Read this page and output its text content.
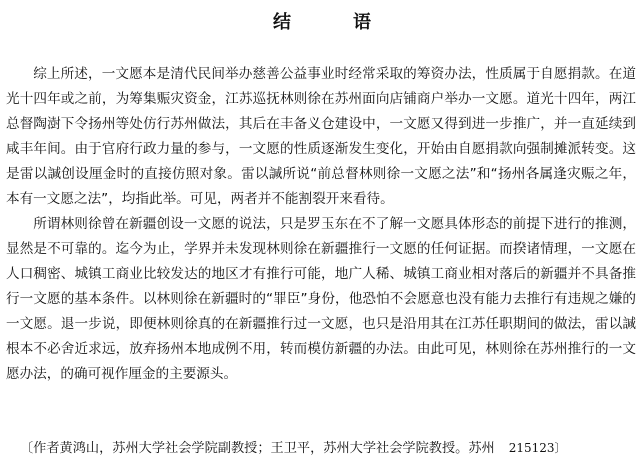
结　语

综上所述，一文愿本是清代民间举办慈善公益事业时经常采取的筹资办法，性质属于自愿捐款。在道光十四年或之前，为筹集赈灾资金，江苏巡抚林则徐在苏州面向店铺商户举办一文愿。道光十四年，两江总督陶澍下令扬州等处仿行苏州做法，其后在丰备义仓建设中，一文愿又得到进一步推广，并一直延续到咸丰年间。由于官府行政力量的参与，一文愿的性质逐渐发生变化，开始由自愿捐款向强制摊派转变。这是雷以諴创设厘金时的直接仿照对象。雷以諴所说“前总督林则徐一文愿之法”和“扬州各属逢灾赈之年，本有一文愿之法”，均指此举。可见，两者并不能割裂开来看待。

所谓林则徐曾在新疆创设一文愿的说法，只是罗玉东在不了解一文愿具体形态的前提下进行的推测，显然是不可靠的。迄今为止，学界并未发现林则徐在新疆推行一文愿的任何证据。而揆诸情理，一文愿在人口稠密、城镇工商业比较发达的地区才有推行可能，地广人稀、城镇工商业相对落后的新疆并不具备推行一文愿的基本条件。以林则徐在新疆时的“罪臣”身份，他恐怕不会愿意也没有能力去推行有违规之嫌的一文愿。退一步说，即便林则徐真的在新疆推行过一文愿，也只是沿用其在江苏任职期间的做法，雷以諴根本不必舍近求远，放弃扬州本地成例不用，转而模仿新疆的办法。由此可见，林则徐在苏州推行的一文愿办法，的确可视作厘金的主要源头。

〔作者黄鸿山，苏州大学社会学院副教授；王卫平，苏州大学社会学院教授。苏州 215123〕
